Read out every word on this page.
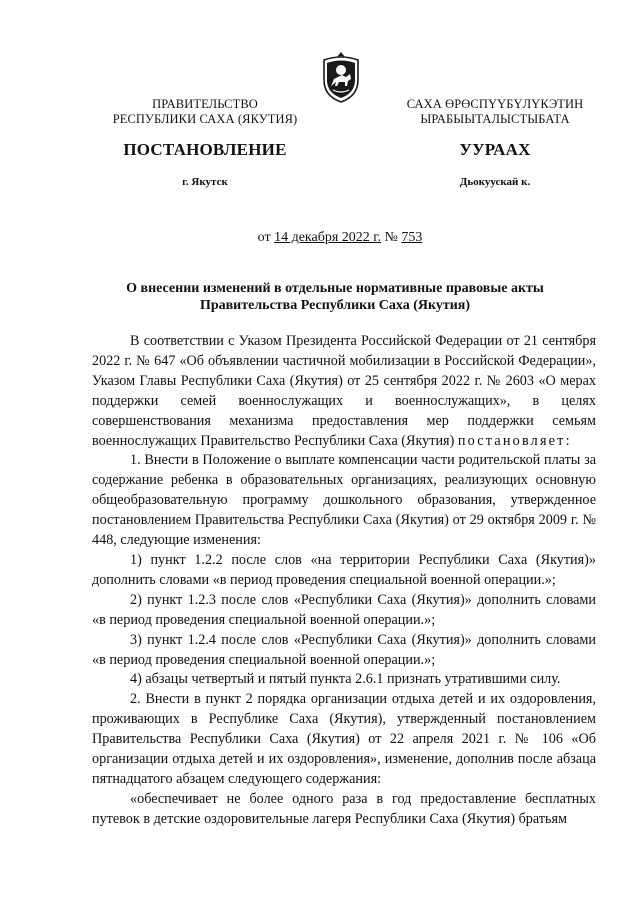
ПРАВИТЕЛЬСТВО
РЕСПУБЛИКИ САХА (ЯКУТИЯ)
САХА ӨРӨСПҮҮБҮЛҮКЭТИН
ЫРАБЫЫТАЛЫСТЫБАТА
ПОСТАНОВЛЕНИЕ	УУРААХ
г. Якутск	Дьокуускай к.
от 14 декабря 2022 г. № 753
О внесении изменений в отдельные нормативные правовые акты
Правительства Республики Саха (Якутия)

В соответствии с Указом Президента Российской Федерации от 21 сентября 2022 г. № 647 «Об объявлении частичной мобилизации в Российской Федерации», Указом Главы Республики Саха (Якутия) от 25 сентября 2022 г. № 2603 «О мерах поддержки семей военнослужащих и военнослужащих», в целях совершенствования механизма предоставления мер поддержки семьям военнослужащих Правительство Республики Саха (Якутия) постановляет:

1. Внести в Положение о выплате компенсации части родительской платы за содержание ребенка в образовательных организациях, реализующих основную общеобразовательную программу дошкольного образования, утвержденное постановлением Правительства Республики Саха (Якутия) от 29 октября 2009 г. № 448, следующие изменения:

1) пункт 1.2.2 после слов «на территории Республики Саха (Якутия)» дополнить словами «в период проведения специальной военной операции.»;

2) пункт 1.2.3 после слов «Республики Саха (Якутия)» дополнить словами «в период проведения специальной военной операции.»;

3) пункт 1.2.4 после слов «Республики Саха (Якутия)» дополнить словами «в период проведения специальной военной операции.»;

4) абзацы четвертый и пятый пункта 2.6.1 признать утратившими силу.

2. Внести в пункт 2 порядка организации отдыха детей и их оздоровления, проживающих в Республике Саха (Якутия), утвержденный постановлением Правительства Республики Саха (Якутия) от 22 апреля 2021 г. № 106 «Об организации отдыха детей и их оздоровления», изменение, дополнив после абзаца пятнадцатого абзацем следующего содержания:

«обеспечивает не более одного раза в год предоставление бесплатных путевок в детские оздоровительные лагеря Республики Саха (Якутия) братьям
